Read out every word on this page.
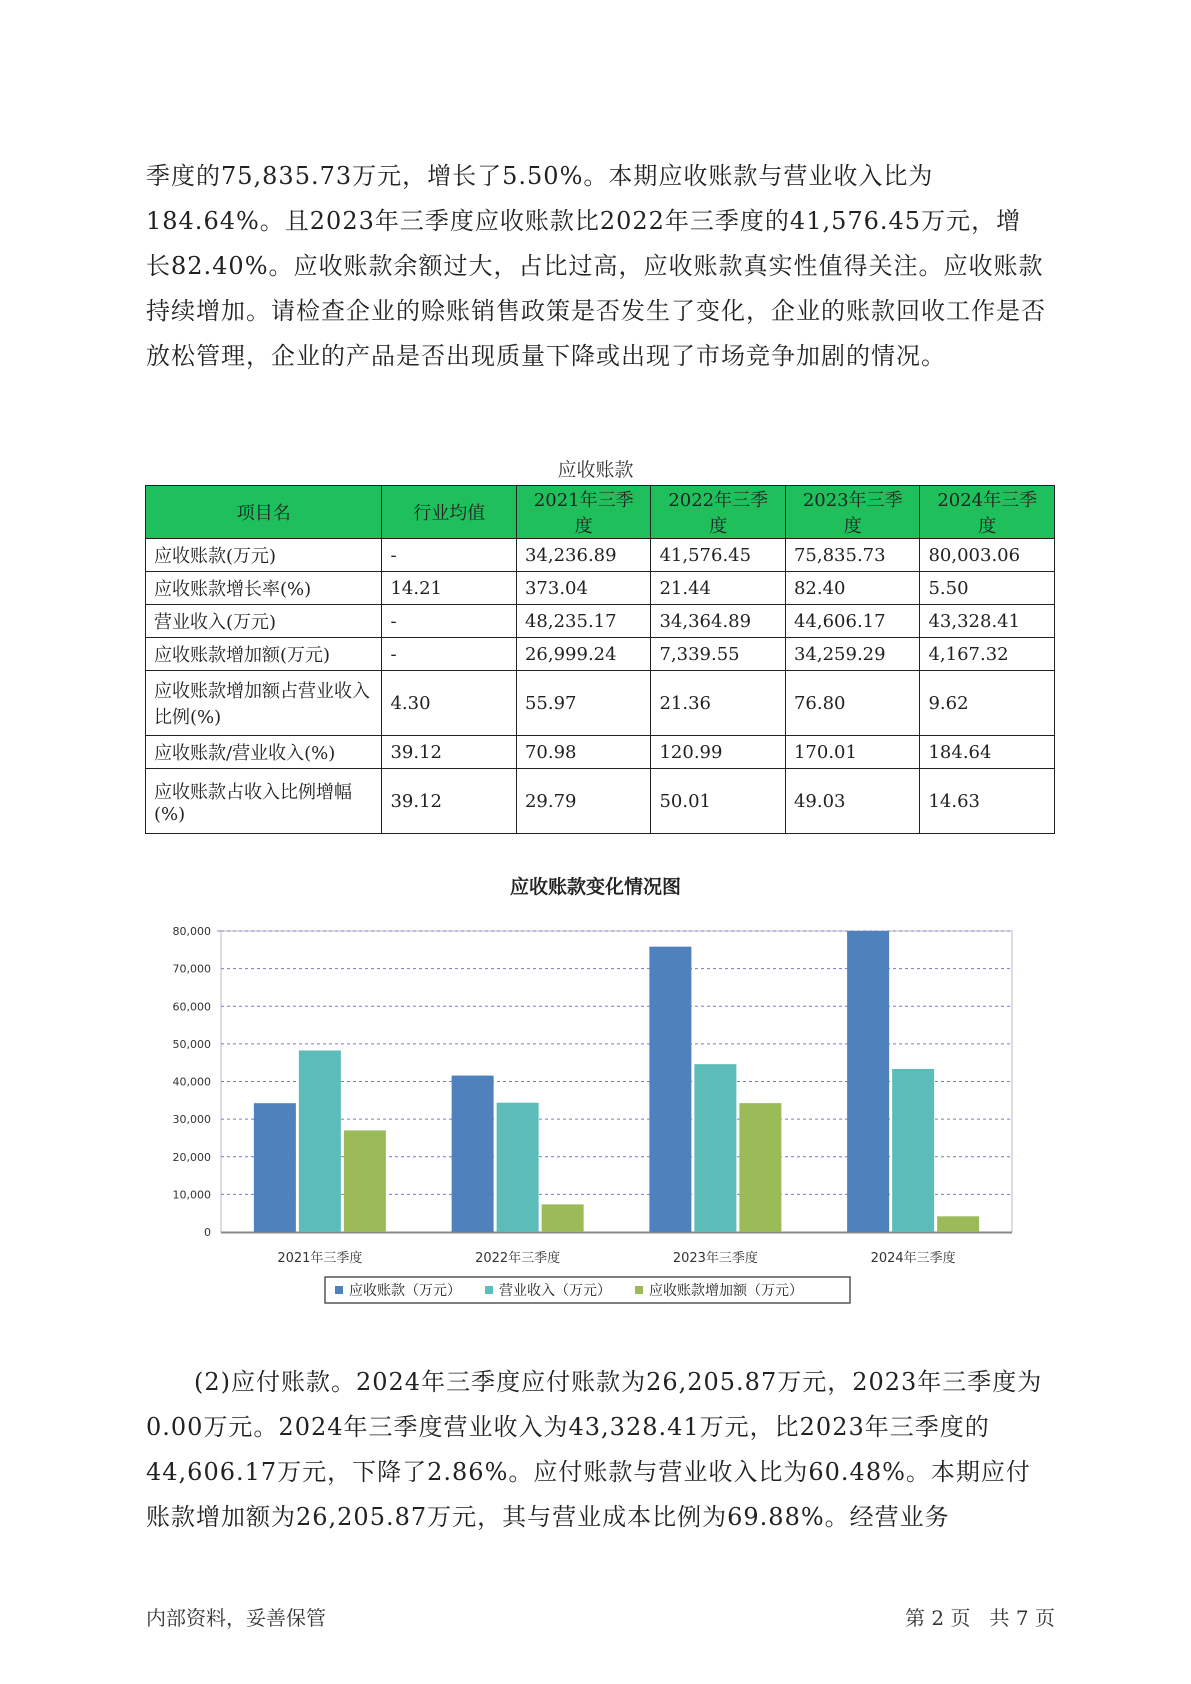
季度的75,835.73万元，增长了5.50%。本期应收账款与营业收入比为184.64%。且2023年三季度应收账款比2022年三季度的41,576.45万元，增长82.40%。应收账款余额过大，占比过高，应收账款真实性值得关注。应收账款持续增加。请检查企业的赊账销售政策是否发生了变化，企业的账款回收工作是否放松管理，企业的产品是否出现质量下降或出现了市场竞争加剧的情况。

应收账款
项目名	行业均值	2021年三季度	2022年三季度	2023年三季度	2024年三季度
应收账款(万元)	-	34,236.89	41,576.45	75,835.73	80,003.06
应收账款增长率(%)	14.21	373.04	21.44	82.40	5.50
营业收入(万元)	-	48,235.17	34,364.89	44,606.17	43,328.41
应收账款增加额(万元)	-	26,999.24	7,339.55	34,259.29	4,167.32
应收账款增加额占营业收入比例(%)	4.30	55.97	21.36	76.80	9.62
应收账款/营业收入(%)	39.12	70.98	120.99	170.01	184.64
应收账款占收入比例增幅(%)	39.12	29.79	50.01	49.03	14.63
应收账款变化情况图
0
10,000
20,000
30,000
40,000
50,000
60,000
70,000
80,000
2021年三季度	2022年三季度	2023年三季度	2024年三季度
应收账款（万元）	营业收入（万元）	应收账款增加额（万元）

(2)应付账款。2024年三季度应付账款为26,205.87万元，2023年三季度为0.00万元。2024年三季度营业收入为43,328.41万元，比2023年三季度的44,606.17万元，下降了2.86%。应付账款与营业收入比为60.48%。本期应付账款增加额为26,205.87万元，其与营业成本比例为69.88%。经营业务

内部资料，妥善保管	第 2 页   共 7 页
